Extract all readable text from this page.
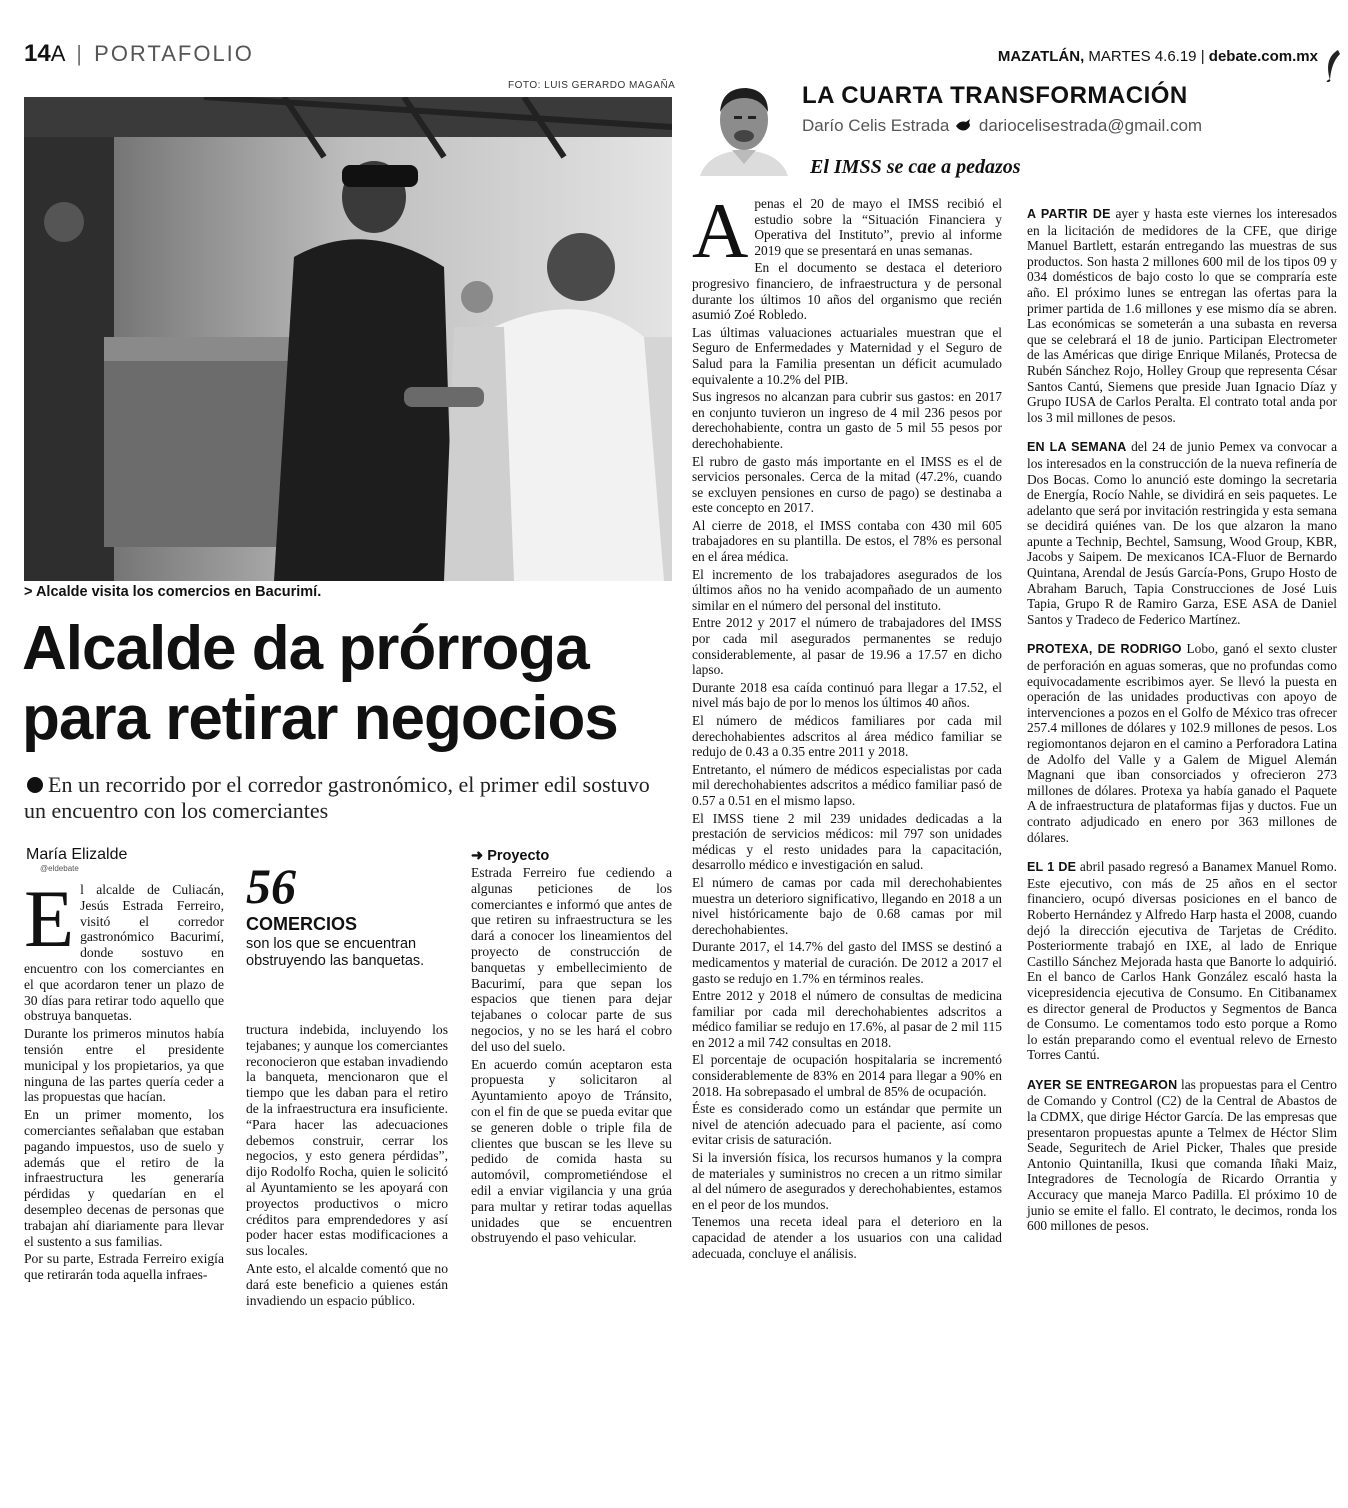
14A | PORTAFOLIO	MAZATLÁN, MARTES 4.6.19 | debate.com.mx
FOTO: LUIS GERARDO MAGAÑA
> Alcalde visita los comercios en Bacurimí.
Alcalde da prórroga
para retirar negocios
En un recorrido por el corredor gastronómico, el primer edil sostuvo un encuentro con los comerciantes
María Elizalde
@eldebate
E l alcalde de Culiacán, Jesús Estrada Ferreiro, visitó el corredor gastronómico Bacurimí, donde sostuvo en encuentro con los comerciantes en el que acordaron tener un plazo de 30 días para retirar todo aquello que obstruya banquetas.

Durante los primeros minutos había tensión entre el presidente municipal y los propietarios, ya que ninguna de las partes quería ceder a las propuestas que hacían.

En un primer momento, los comerciantes señalaban que estaban pagando impuestos, uso de suelo y además que el retiro de la infraestructura les generaría pérdidas y quedarían en el desempleo decenas de personas que trabajan ahí diariamente para llevar el sustento a sus familias.

Por su parte, Estrada Ferreiro exigía que retirarán toda aquella infraes-

56
COMERCIOS
son los que se encuentran obstruyendo las banquetas.

tructura indebida, incluyendo los tejabanes; y aunque los comerciantes reconocieron que estaban invadiendo la banqueta, mencionaron que el tiempo que les daban para el retiro de la infraestructura era insuficiente. “Para hacer las adecuaciones debemos construir, cerrar los negocios, y esto genera pérdidas”, dijo Rodolfo Rocha, quien le solicitó al Ayuntamiento se les apoyará con proyectos productivos o micro créditos para emprendedores y así poder hacer estas modificaciones a sus locales.

Ante esto, el alcalde comentó que no dará este beneficio a quienes están invadiendo un espacio público.

➜ Proyecto

Estrada Ferreiro fue cediendo a algunas peticiones de los comerciantes e informó que antes de que retiren su infraestructura se les dará a conocer los lineamientos del proyecto de construcción de banquetas y embellecimiento de Bacurimí, para que sepan los espacios que tienen para dejar tejabanes o colocar parte de sus negocios, y no se les hará el cobro del uso del suelo.

En acuerdo común aceptaron esta propuesta y solicitaron al Ayuntamiento apoyo de Tránsito, con el fin de que se pueda evitar que se generen doble o triple fila de clientes que buscan se les lleve su pedido de comida hasta su automóvil, comprometiéndose el edil a enviar vigilancia y una grúa para multar y retirar todas aquellas unidades que se encuentren obstruyendo el paso vehicular.

LA CUARTA TRANSFORMACIÓN
Darío Celis Estrada dariocelisestrada@gmail.com
El IMSS se cae a pedazos
A penas el 20 de mayo el IMSS recibió el estudio sobre la “Situación Financiera y Operativa del Instituto”, previo al informe 2019 que se presentará en unas semanas.

En el documento se destaca el deterioro progresivo financiero, de infraestructura y de personal durante los últimos 10 años del organismo que recién asumió Zoé Robledo.

Las últimas valuaciones actuariales muestran que el Seguro de Enfermedades y Maternidad y el Seguro de Salud para la Familia presentan un déficit acumulado equivalente a 10.2% del PIB.

Sus ingresos no alcanzan para cubrir sus gastos: en 2017 en conjunto tuvieron un ingreso de 4 mil 236 pesos por derechohabiente, contra un gasto de 5 mil 55 pesos por derechohabiente.

El rubro de gasto más importante en el IMSS es el de servicios personales. Cerca de la mitad (47.2%, cuando se excluyen pensiones en curso de pago) se destinaba a este concepto en 2017.

Al cierre de 2018, el IMSS contaba con 430 mil 605 trabajadores en su plantilla. De estos, el 78% es personal en el área médica.

El incremento de los trabajadores asegurados de los últimos años no ha venido acompañado de un aumento similar en el número del personal del instituto.

Entre 2012 y 2017 el número de trabajadores del IMSS por cada mil asegurados permanentes se redujo considerablemente, al pasar de 19.96 a 17.57 en dicho lapso.

Durante 2018 esa caída continuó para llegar a 17.52, el nivel más bajo de por lo menos los últimos 40 años.

El número de médicos familiares por cada mil derechohabientes adscritos al área médico familiar se redujo de 0.43 a 0.35 entre 2011 y 2018.

Entretanto, el número de médicos especialistas por cada mil derechohabientes adscritos a médico familiar pasó de 0.57 a 0.51 en el mismo lapso.

El IMSS tiene 2 mil 239 unidades dedicadas a la prestación de servicios médicos: mil 797 son unidades médicas y el resto unidades para la capacitación, desarrollo médico e investigación en salud.

El número de camas por cada mil derechohabientes muestra un deterioro significativo, llegando en 2018 a un nivel históricamente bajo de 0.68 camas por mil derechohabientes.

Durante 2017, el 14.7% del gasto del IMSS se destinó a medicamentos y material de curación. De 2012 a 2017 el gasto se redujo en 1.7% en términos reales.

Entre 2012 y 2018 el número de consultas de medicina familiar por cada mil derechohabientes adscritos a médico familiar se redujo en 17.6%, al pasar de 2 mil 115 en 2012 a mil 742 consultas en 2018.

El porcentaje de ocupación hospitalaria se incrementó considerablemente de 83% en 2014 para llegar a 90% en 2018. Ha sobrepasado el umbral de 85% de ocupación.

Éste es considerado como un estándar que permite un nivel de atención adecuado para el paciente, así como evitar crisis de saturación.

Si la inversión física, los recursos humanos y la compra de materiales y suministros no crecen a un ritmo similar al del número de asegurados y derechohabientes, estamos en el peor de los mundos.

Tenemos una receta ideal para el deterioro en la capacidad de atender a los usuarios con una calidad adecuada, concluye el análisis.

A PARTIR DE ayer y hasta este viernes los interesados en la licitación de medidores de la CFE, que dirige Manuel Bartlett, estarán entregando las muestras de sus productos. Son hasta 2 millones 600 mil de los tipos 09 y 034 domésticos de bajo costo lo que se compraría este año. El próximo lunes se entregan las ofertas para la primer partida de 1.6 millones y ese mismo día se abren. Las económicas se someterán a una subasta en reversa que se celebrará el 18 de junio. Participan Electrometer de las Américas que dirige Enrique Milanés, Protecsa de Rubén Sánchez Rojo, Holley Group que representa César Santos Cantú, Siemens que preside Juan Ignacio Díaz y Grupo IUSA de Carlos Peralta. El contrato total anda por los 3 mil millones de pesos.

EN LA SEMANA del 24 de junio Pemex va convocar a los interesados en la construcción de la nueva refinería de Dos Bocas. Como lo anunció este domingo la secretaria de Energía, Rocío Nahle, se dividirá en seis paquetes. Le adelanto que será por invitación restringida y esta semana se decidirá quiénes van. De los que alzaron la mano apunte a Technip, Bechtel, Samsung, Wood Group, KBR, Jacobs y Saipem. De mexicanos ICA-Fluor de Bernardo Quintana, Arendal de Jesús García-Pons, Grupo Hosto de Abraham Baruch, Tapia Construcciones de José Luis Tapia, Grupo R de Ramiro Garza, ESE ASA de Daniel Santos y Tradeco de Federico Martínez.

PROTEXA, DE RODRIGO Lobo, ganó el sexto cluster de perforación en aguas someras, que no profundas como equivocadamente escribimos ayer. Se llevó la puesta en operación de las unidades productivas con apoyo de intervenciones a pozos en el Golfo de México tras ofrecer 257.4 millones de dólares y 102.9 millones de pesos. Los regiomontanos dejaron en el camino a Perforadora Latina de Adolfo del Valle y a Galem de Miguel Alemán Magnani que iban consorciados y ofrecieron 273 millones de dólares. Protexa ya había ganado el Paquete A de infraestructura de plataformas fijas y ductos. Fue un contrato adjudicado en enero por 363 millones de dólares.

EL 1 DE abril pasado regresó a Banamex Manuel Romo. Este ejecutivo, con más de 25 años en el sector financiero, ocupó diversas posiciones en el banco de Roberto Hernández y Alfredo Harp hasta el 2008, cuando dejó la dirección ejecutiva de Tarjetas de Crédito. Posteriormente trabajó en IXE, al lado de Enrique Castillo Sánchez Mejorada hasta que Banorte lo adquirió. En el banco de Carlos Hank González escaló hasta la vicepresidencia ejecutiva de Consumo. En Citibanamex es director general de Productos y Segmentos de Banca de Consumo. Le comentamos todo esto porque a Romo lo están preparando como el eventual relevo de Ernesto Torres Cantú.

AYER SE ENTREGARON las propuestas para el Centro de Comando y Control (C2) de la Central de Abastos de la CDMX, que dirige Héctor García. De las empresas que presentaron propuestas apunte a Telmex de Héctor Slim Seade, Seguritech de Ariel Picker, Thales que preside Antonio Quintanilla, Ikusi que comanda Iñaki Maiz, Integradores de Tecnología de Ricardo Orrantia y Accuracy que maneja Marco Padilla. El próximo 10 de junio se emite el fallo. El contrato, le decimos, ronda los 600 millones de pesos.
